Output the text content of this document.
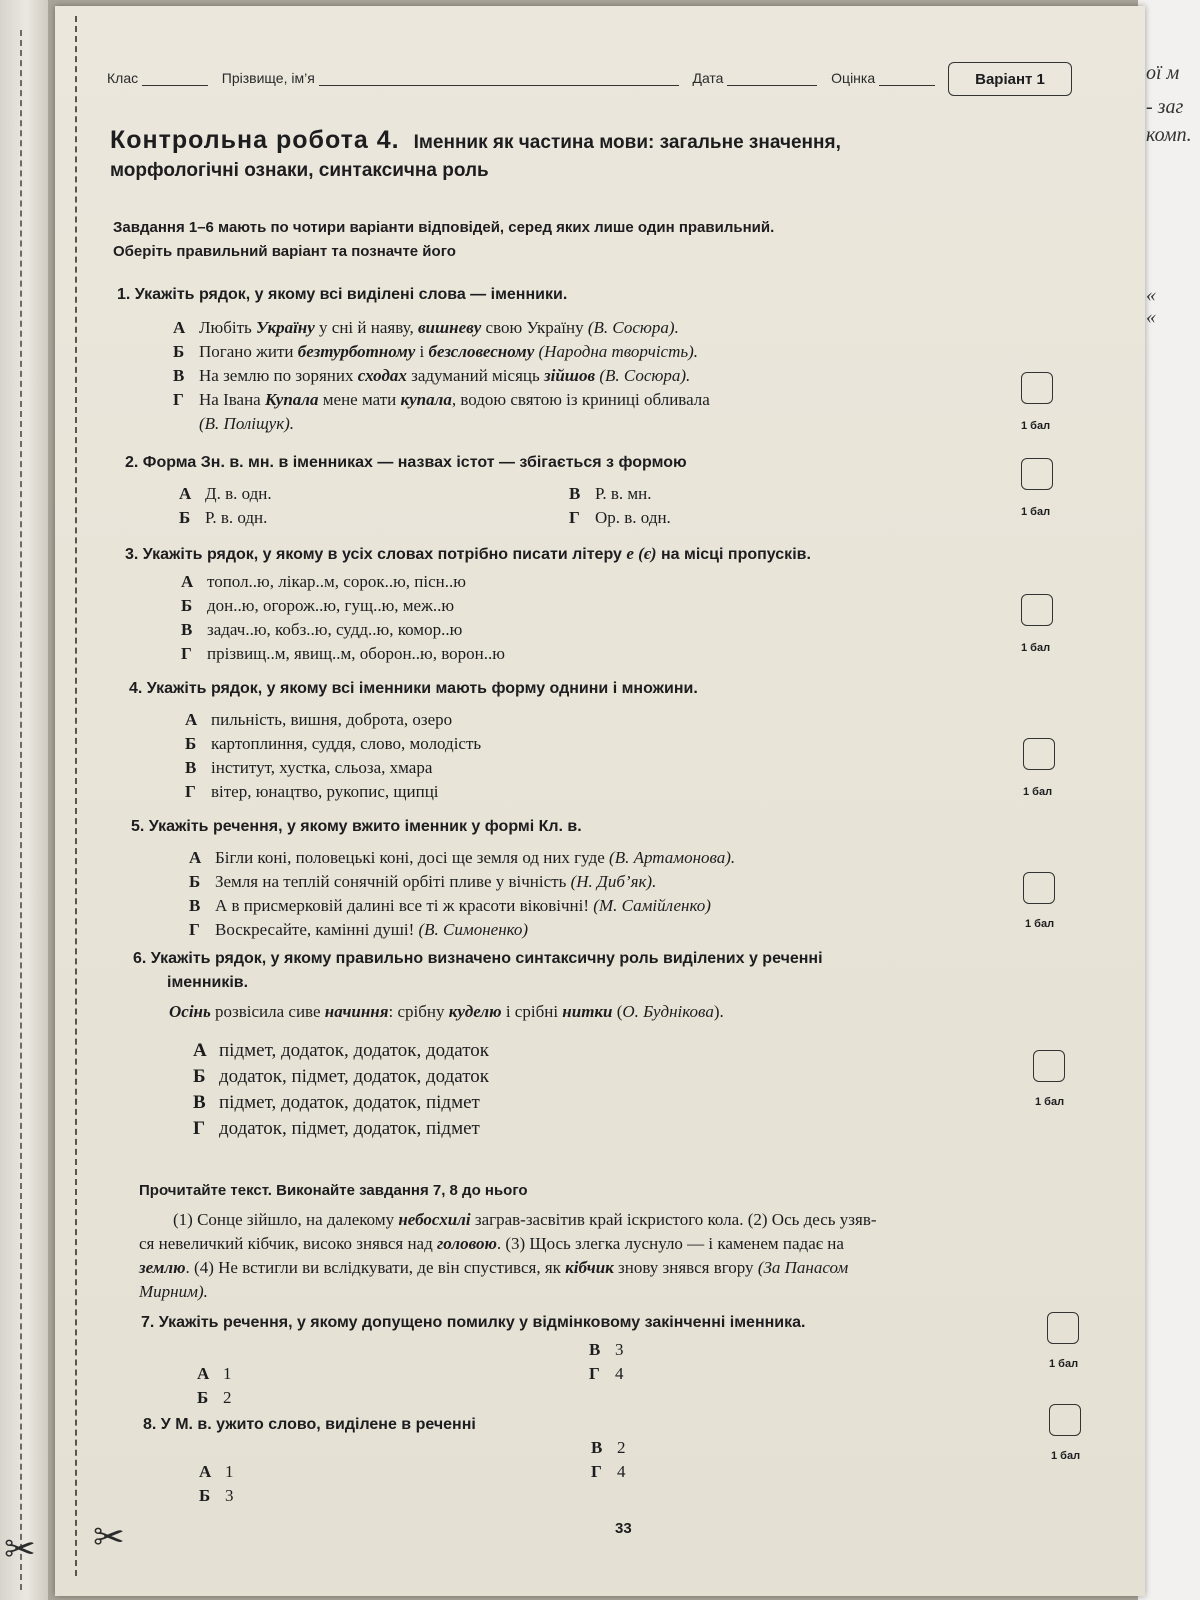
✂
ої м
- заг
комп.
«
«
✂
Клас	Прізвище, ім’я	Дата	Оцінка	Варіант 1
Контрольна робота 4. Іменник як частина мови: загальне значення,
морфологічні ознаки, синтаксична роль
Завдання 1–6 мають по чотири варіанти відповідей, серед яких лише один правильний.
Оберіть правильний варіант та позначте його
1. Укажіть рядок, у якому всі виділені слова — іменники.
А Любіть Україну у сні й наяву, вишневу свою Україну (В. Сосюра).
Б Погано жити безтурботному і безсловесному (Народна творчість).
В На землю по зоряних сходах задуманий місяць зійшов (В. Сосюра).
Г На Івана Купала мене мати купала, водою святою із криниці обливала
(В. Поліщук).	1 бал
2. Форма Зн. в. мн. в іменниках — назвах істот — збігається з формою
А Д. в. одн.
Б Р. в. одн.
В Р. в. мн.
Г Ор. в. одн.	1 бал
3. Укажіть рядок, у якому в усіх словах потрібно писати літеру е (є) на місці пропусків.
А топол..ю, лікар..м, сорок..ю, пісн..ю
Б дон..ю, огорож..ю, гущ..ю, меж..ю
В задач..ю, кобз..ю, судд..ю, комор..ю
Г прізвищ..м, явищ..м, оборон..ю, ворон..ю	1 бал
4. Укажіть рядок, у якому всі іменники мають форму однини і множини.
А пильність, вишня, доброта, озеро
Б картоплиння, суддя, слово, молодість
В інститут, хустка, сльоза, хмара
Г вітер, юнацтво, рукопис, щипці	1 бал
5. Укажіть речення, у якому вжито іменник у формі Кл. в.
А Бігли коні, половецькі коні, досі ще земля од них гуде (В. Артамонова).
Б Земля на теплій сонячній орбіті пливе у вічність (Н. Диб’як).
В А в присмерковій далині все ті ж красоти віковічні! (М. Самійленко)
Г Воскресайте, камінні душі! (В. Симоненко)	1 бал
6. Укажіть рядок, у якому правильно визначено синтаксичну роль виділених у реченні
іменників.
Осінь розвісила сиве начиння: срібну куделю і срібні нитки (О. Буднікова).
А підмет, додаток, додаток, додаток
Б додаток, підмет, додаток, додаток
В підмет, додаток, додаток, підмет
Г додаток, підмет, додаток, підмет
1 бал
Прочитайте текст. Виконайте завдання 7, 8 до нього
(1) Сонце зійшло, на далекому небосхилі заграв-засвітив край іскристого кола. (2) Ось десь узяв-
ся невеличкий кібчик, високо знявся над головою. (3) Щось злегка луснуло — і каменем падає на
землю. (4) Не встигли ви вслідкувати, де він спустився, як кібчик знову знявся вгору (За Панасом
Мирним).
7. Укажіть речення, у якому допущено помилку у відмінковому закінченні іменника.
А 1
Б 2
В 3
Г 4	1 бал
8. У М. в. ужито слово, виділене в реченні
А 1
Б 3
В 2
Г 4
1 бал
33
